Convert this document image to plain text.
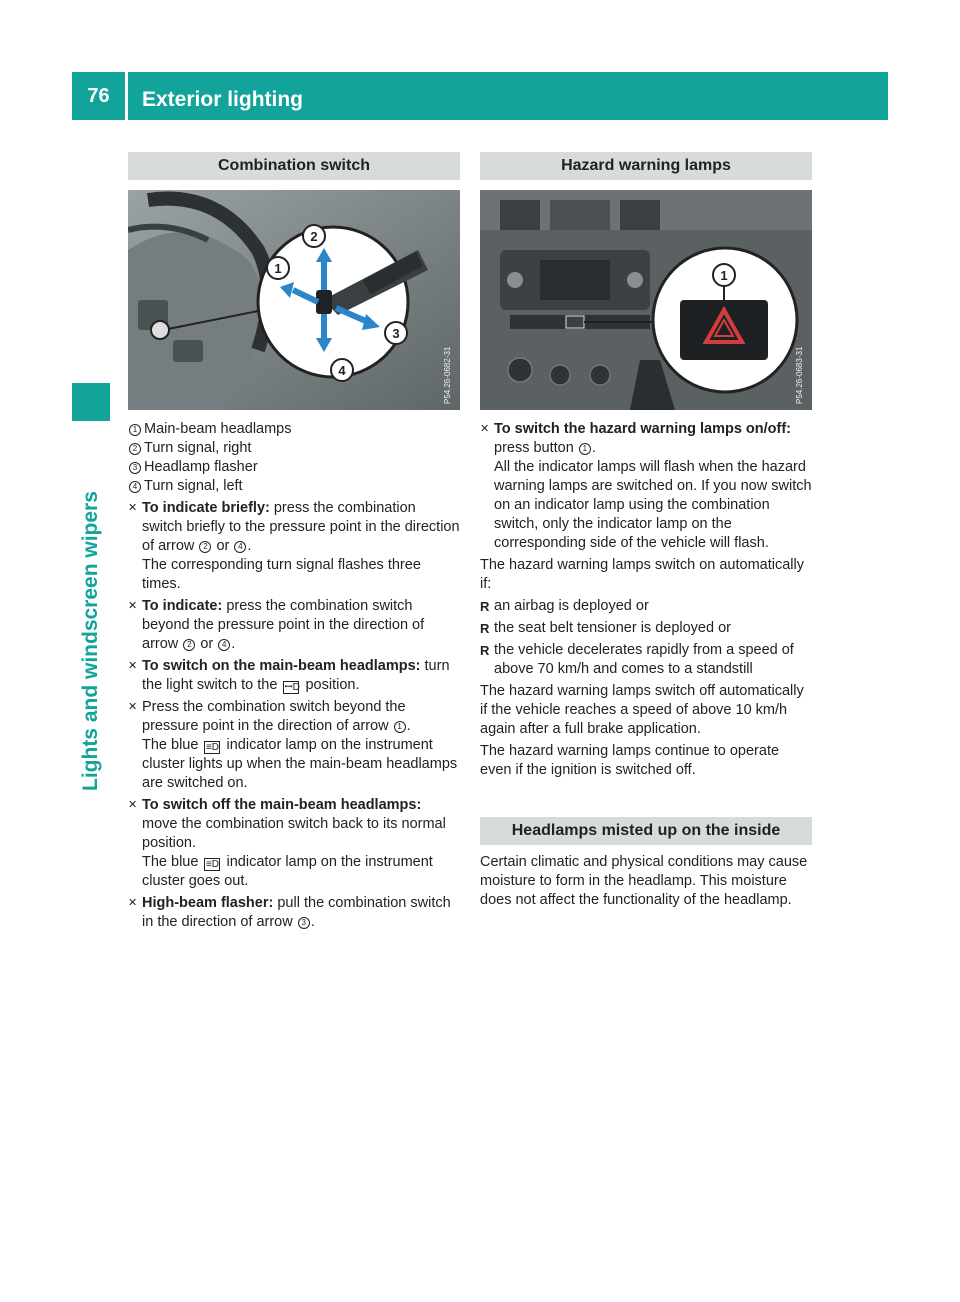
76	Exterior lighting
Lights and windscreen wipers
Combination switch
1
2
3
4	P54.26-0682-31
1 Main-beam headlamps
2 Turn signal, right
3 Headlamp flasher
4 Turn signal, left
✕ To indicate briefly: press the combination switch briefly to the pressure point in the direction of arrow 2 or 4 .
The corresponding turn signal flashes three times.
✕ To indicate: press the combination switch beyond the pressure point in the direction of arrow 2 or 4 .
✕ To switch on the main-beam headlamps: turn the light switch to the ꟷD position.
✕ Press the combination switch beyond the pressure point in the direction of arrow 1 .
The blue ≡D indicator lamp on the instrument cluster lights up when the main-beam headlamps are switched on.
✕ To switch off the main-beam headlamps: move the combination switch back to its normal position.
The blue ≡D indicator lamp on the instrument cluster goes out.
✕ High-beam flasher: pull the combination switch in the direction of arrow 3 .
Hazard warning lamps
1
P54.26-0683-31
✕ To switch the hazard warning lamps on/off: press button 1 .
All the indicator lamps will flash when the hazard warning lamps are switched on. If you now switch on an indicator lamp using the combination switch, only the indicator lamp on the corresponding side of the vehicle will flash.
The hazard warning lamps switch on automatically if:
R an airbag is deployed or
R the seat belt tensioner is deployed or
R the vehicle decelerates rapidly from a speed of above 70 km/h and comes to a standstill
The hazard warning lamps switch off automatically if the vehicle reaches a speed of above 10 km/h again after a full brake application.
The hazard warning lamps continue to operate even if the ignition is switched off.
Headlamps misted up on the inside
Certain climatic and physical conditions may cause moisture to form in the headlamp. This moisture does not affect the functionality of the headlamp.
